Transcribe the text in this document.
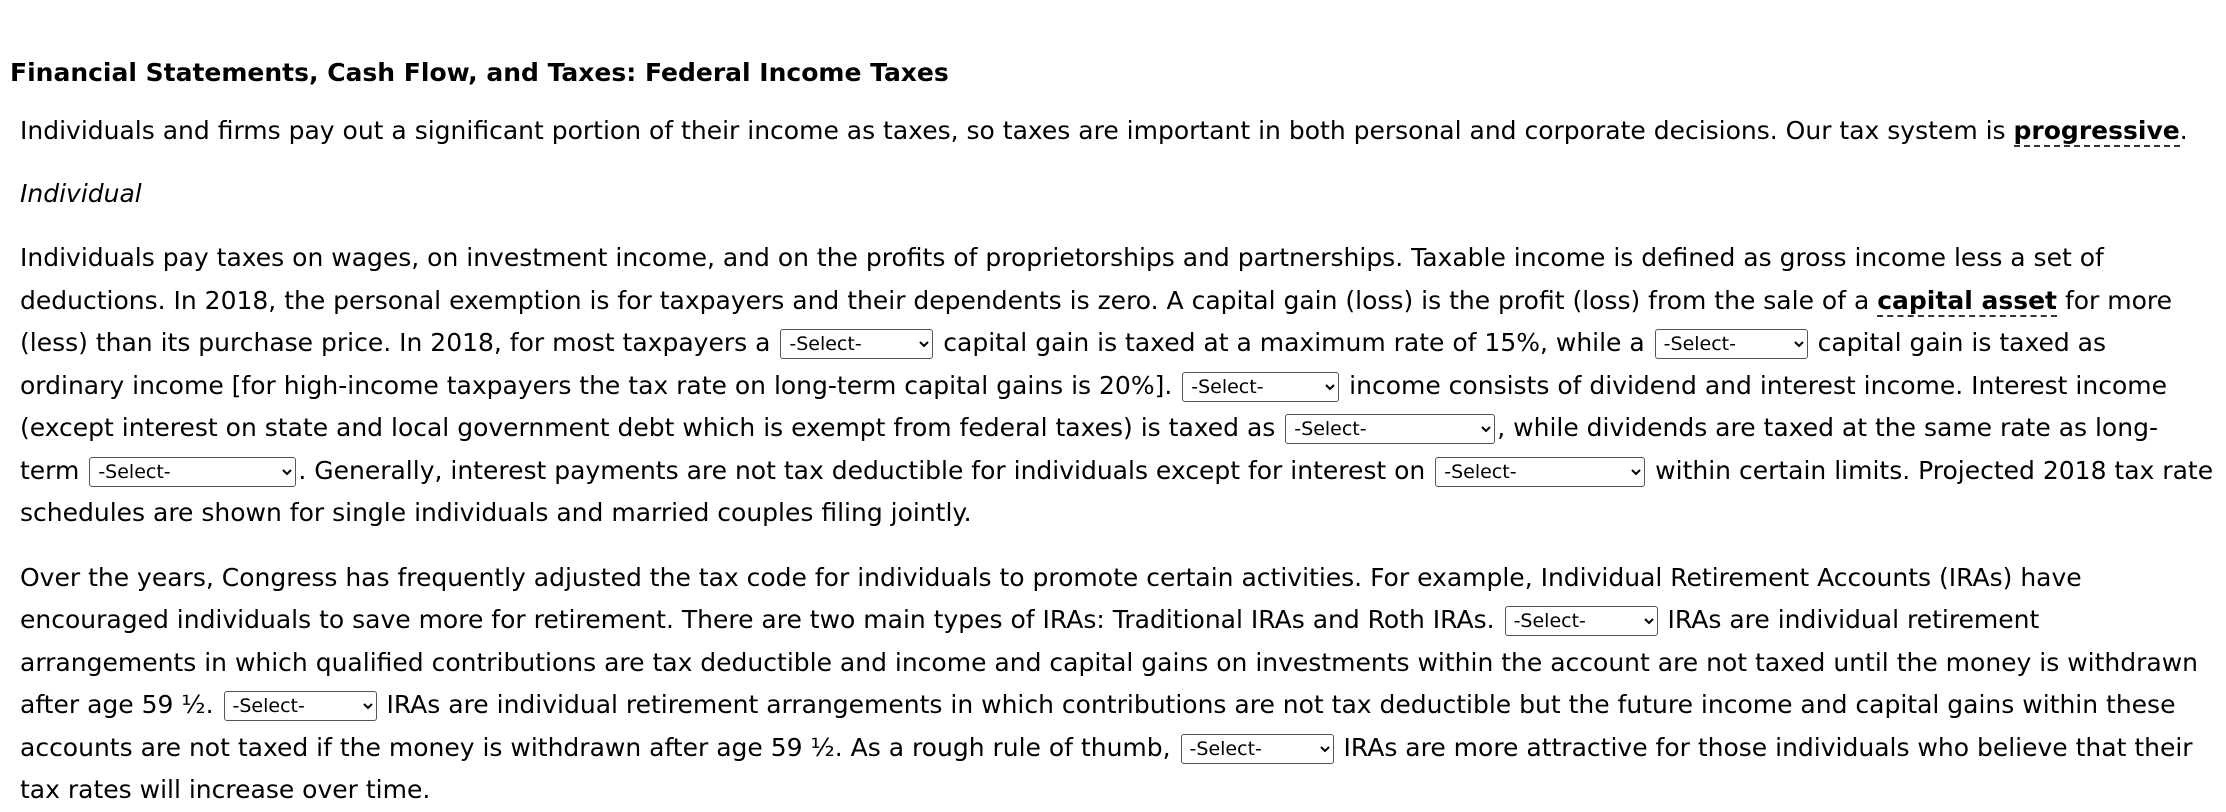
Financial Statements, Cash Flow, and Taxes: Federal Income Taxes

Individuals and firms pay out a significant portion of their income as taxes, so taxes are important in both personal and corporate decisions. Our tax system is progressive.

Individual

Individuals pay taxes on wages, on investment income, and on the profits of proprietorships and partnerships. Taxable income is defined as gross income less a set of deductions. In 2018, the personal exemption is for taxpayers and their dependents is zero. A capital gain (loss) is the profit (loss) from the sale of a capital asset for more (less) than its purchase price. In 2018, for most taxpayers a
-Select-	capital gain is taxed at a maximum rate of 15%, while a
-Select-	capital gain is taxed as ordinary income [for high-income taxpayers the tax rate on long-term capital gains is 20%].
-Select-	income consists of dividend and interest income. Interest income (except interest on state and local government debt which is exempt from federal taxes) is taxed as
-Select-	, while dividends are taxed at the same rate as long-term
-Select-	. Generally, interest payments are not tax deductible for individuals except for interest on
-Select-	within certain limits. Projected 2018 tax rate schedules are shown for single individuals and married couples filing jointly.

Over the years, Congress has frequently adjusted the tax code for individuals to promote certain activities. For example, Individual Retirement Accounts (IRAs) have encouraged individuals to save more for retirement. There are two main types of IRAs: Traditional IRAs and Roth IRAs.
-Select-	IRAs are individual retirement arrangements in which qualified contributions are tax deductible and income and capital gains on investments within the account are not taxed until the money is withdrawn after age 59 ½.
-Select-	IRAs are individual retirement arrangements in which contributions are not tax deductible but the future income and capital gains within these accounts are not taxed if the money is withdrawn after age 59 ½. As a rough rule of thumb,
-Select-	IRAs are more attractive for those individuals who believe that their tax rates will increase over time.
